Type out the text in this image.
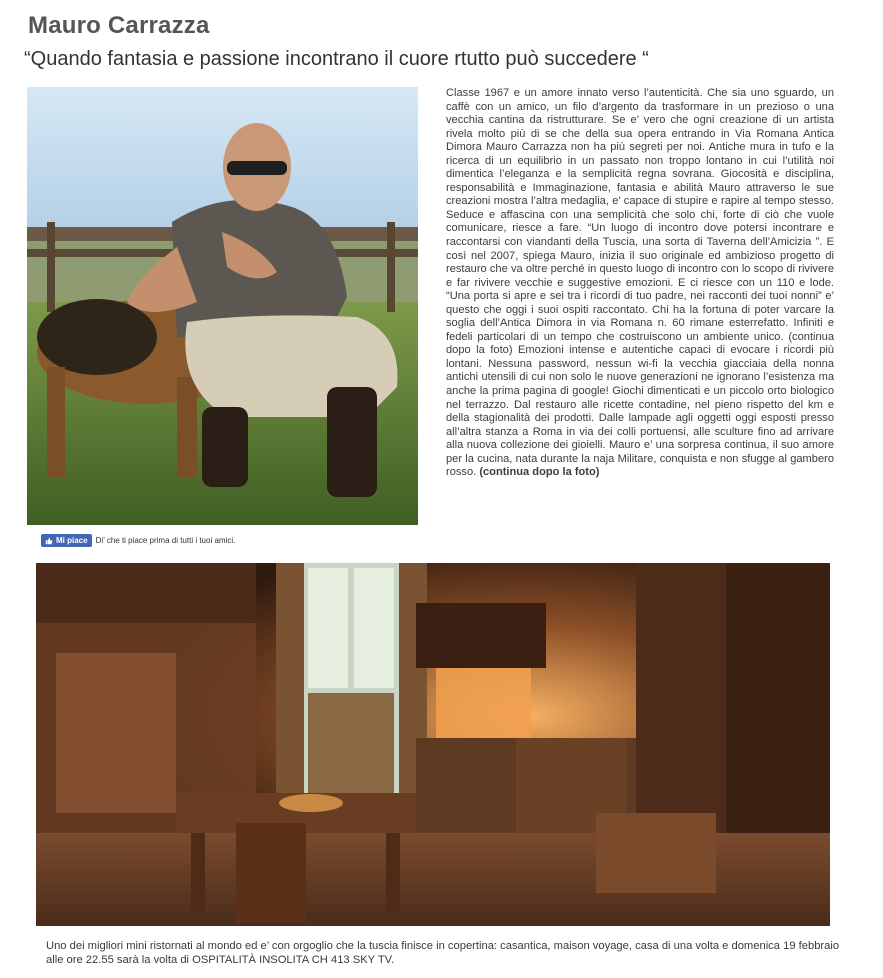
Mauro Carrazza
“Quando fantasia e passione incontrano il cuore rtutto può succedere “
Classe 1967 e un amore innato verso l’autenticità. Che sia uno sguardo, un caffè con un amico, un filo d’argento da trasformare in un prezioso o una vecchia cantina da ristrutturare. Se e’ vero che ogni creazione di un artista rivela molto più di se che della sua opera entrando in Via Romana Antica Dimora Mauro Carrazza non ha più segreti per noi. Antiche mura in tufo e la ricerca di un equilibrio in un passato non troppo lontano in cui l’utilità noi dimentica l’eleganza e la semplicità regna sovrana. Giocosità e disciplina, responsabilità e Immaginazione, fantasia e abilità Mauro attraverso le sue creazioni mostra l’altra medaglia, e’ capace di stupire e rapire al tempo stesso. Seduce e affascina con una semplicità che solo chi, forte di ciò che vuole comunicare, riesce a fare. “Un luogo di incontro dove potersi incontrare e raccontarsi con viandanti della Tuscia, una sorta di Taverna dell’Amicizia ”. E così nel 2007, spiega Mauro, inizia il suo originale ed ambizioso progetto di restauro che va oltre perché in questo luogo di incontro con lo scopo di rivivere e far rivivere vecchie e suggestive emozioni. E ci riesce con un 110 e lode. “Una porta si apre e sei tra i ricordi di tuo padre, nei racconti dei tuoi nonni” e’ questo che oggi i suoi ospiti raccontato. Chi ha la fortuna di poter varcare la soglia dell’Antica Dimora in via Romana n. 60 rimane esterrefatto. Infiniti e fedeli particolari di un tempo che costruiscono un ambiente unico. (continua dopo la foto) Emozioni intense e autentiche capaci di evocare i ricordi più lontani. Nessuna password, nessun wi-fi la vecchia giacciaia della nonna antichi utensili di cui non solo le nuove generazioni ne ignorano l’esistenza ma anche la prima pagina di google! Giochi dimenticati e un piccolo orto biologico nel terrazzo. Dal restauro alle ricette contadine, nel pieno rispetto del km e della stagionalità dei prodotti. Dalle lampade agli oggetti oggi esposti presso all’altra stanza a Roma in via dei colli portuensi, alle sculture fino ad arrivare alla nuova collezione dei gioielli. Mauro e’ una sorpresa continua, il suo amore per la cucina, nata durante la naja Militare, conquista e non sfugge al gambero rosso. (continua dopo la foto)
Mi piace Di’ che ti piace prima di tutti i tuoi amici.
Uno dei migliori mini ristornati al mondo ed e’ con orgoglio che la tuscia finisce in copertina: casantica, maison voyage, casa di una volta e domenica 19 febbraio alle ore 22.55 sarà la volta di OSPITALITÀ INSOLITA CH 413 SKY TV.
